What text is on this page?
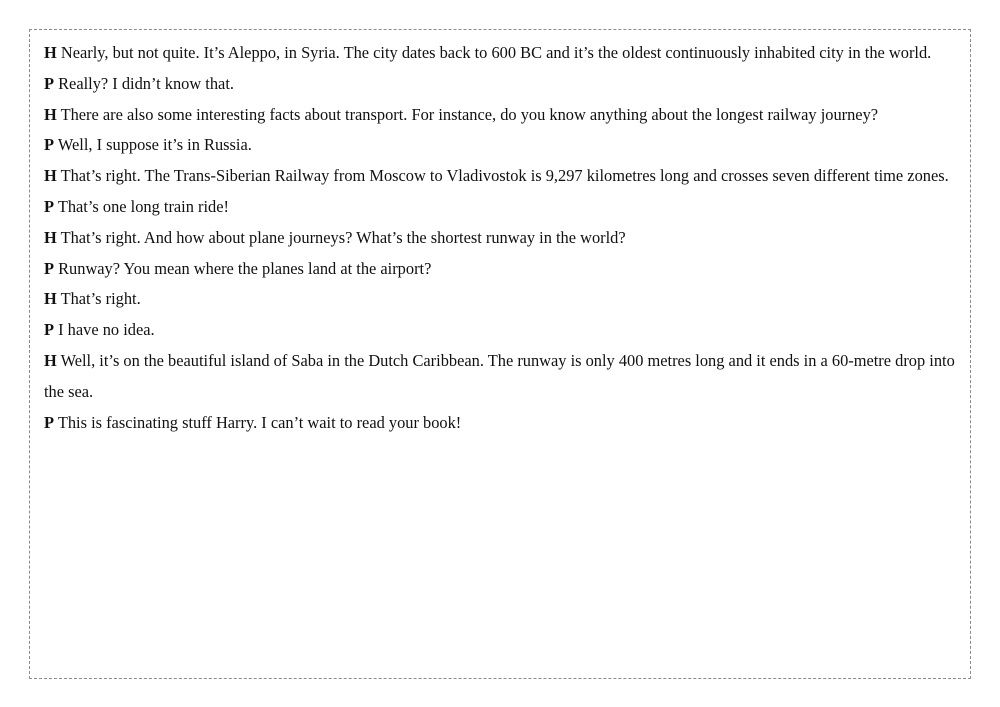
H Nearly, but not quite. It’s Aleppo, in Syria. The city dates back to 600 BC and it’s the oldest continuously inhabited city in the world.

P Really? I didn’t know that.

H There are also some interesting facts about transport. For instance, do you know anything about the longest railway journey?

P Well, I suppose it’s in Russia.

H That’s right. The Trans-Siberian Railway from Moscow to Vladivostok is 9,297 kilometres long and crosses seven different time zones.

P That’s one long train ride!

H That’s right. And how about plane journeys? What’s the shortest runway in the world?

P Runway? You mean where the planes land at the airport?

H That’s right.

P I have no idea.

H Well, it’s on the beautiful island of Saba in the Dutch Caribbean. The runway is only 400 metres long and it ends in a 60-metre drop into the sea.

P This is fascinating stuff Harry. I can’t wait to read your book!
